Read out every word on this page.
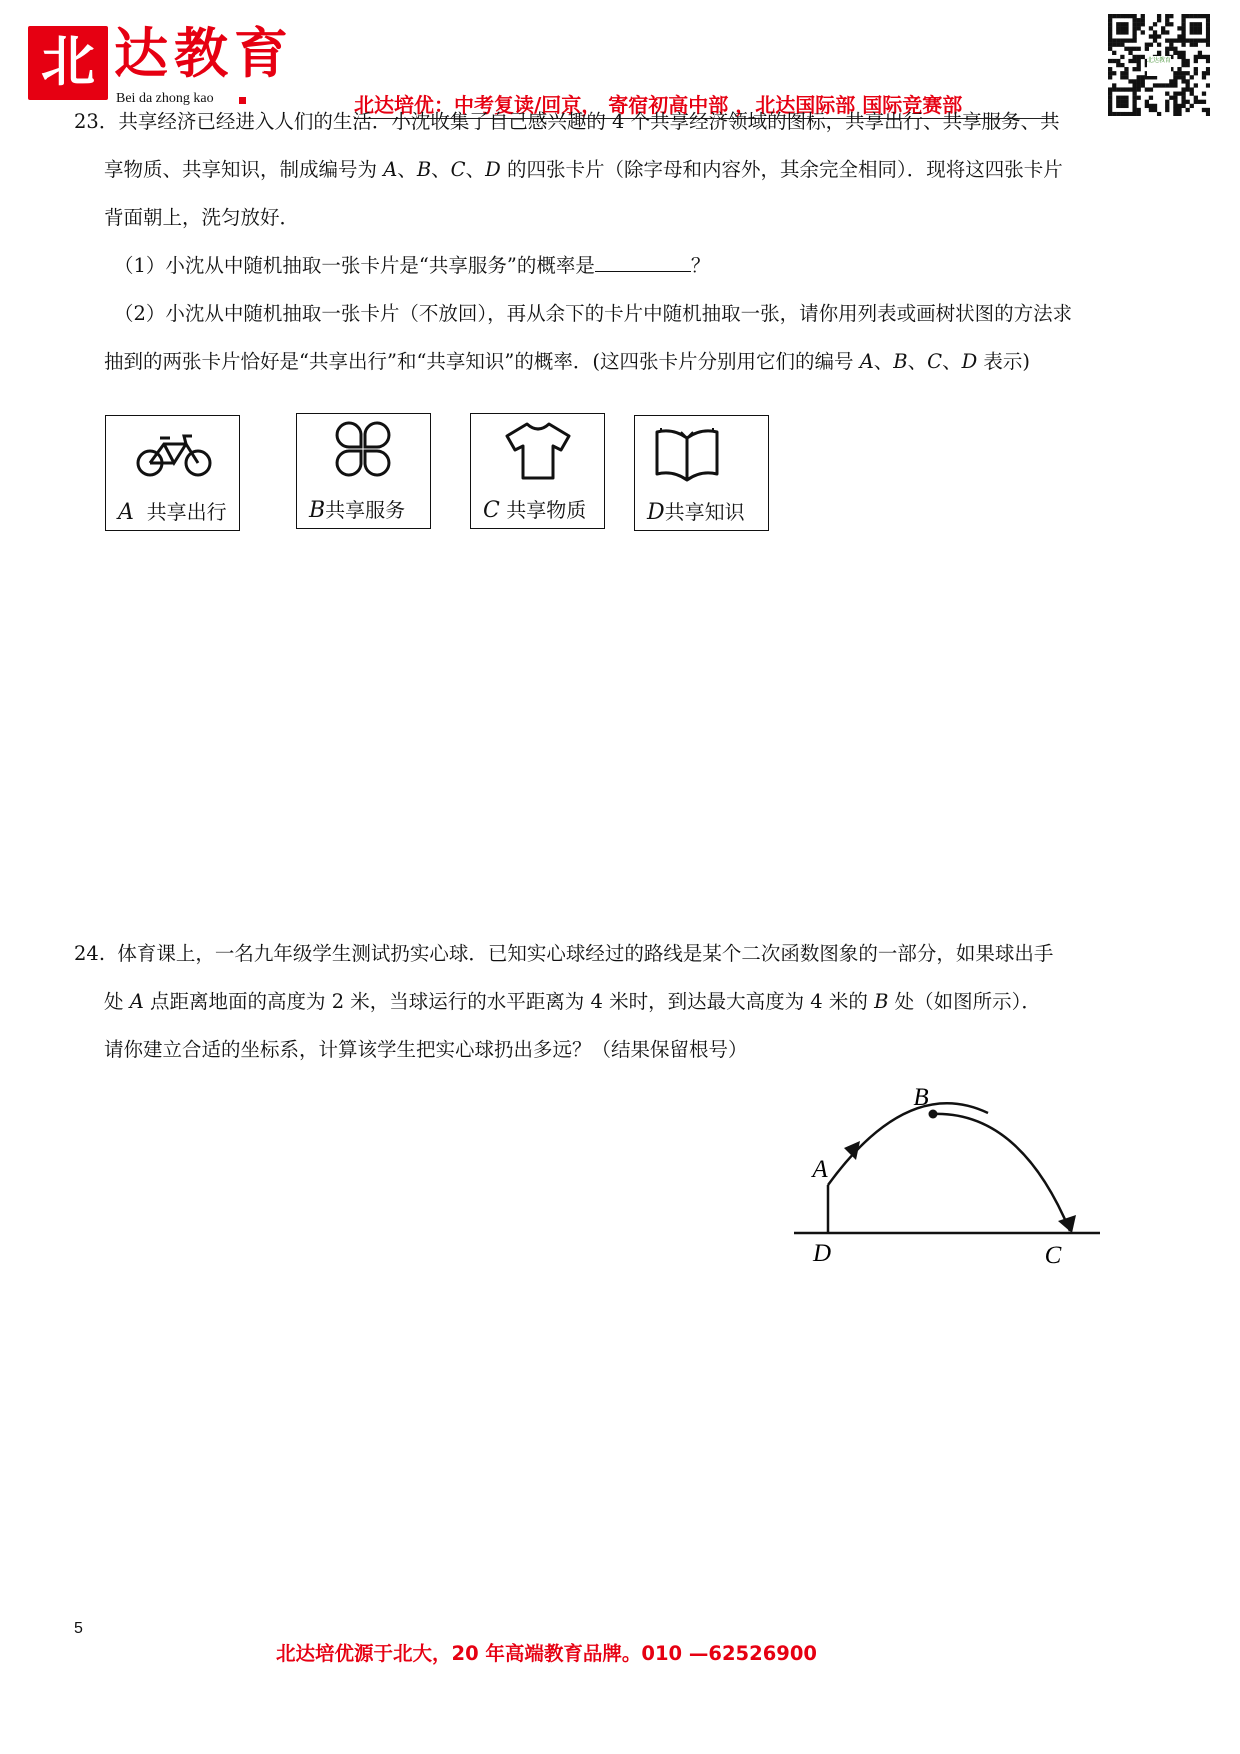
北 达教育
Bei da zhong kao	北达培优：中考复读/回京， 寄宿初高中部 ，北达国际部 国际竞赛部
北达教育
23．共享经济已经进入人们的生活．小沈收集了自己感兴趣的 4 个共享经济领域的图标，共享出行、共享服务、共
享物质、共享知识，制成编号为 A、B、C、D 的四张卡片（除字母和内容外，其余完全相同）．现将这四张卡片
背面朝上，洗匀放好．
（1）小沈从中随机抽取一张卡片是“共享服务”的概率是	？
（2）小沈从中随机抽取一张卡片（不放回），再从余下的卡片中随机抽取一张，请你用列表或画树状图的方法求
抽到的两张卡片恰好是“共享出行”和“共享知识”的概率．(这四张卡片分别用它们的编号 A、B、C、D 表示)
A 共享出行	B共享服务	C 共享物质	D共享知识
24. 体育课上，一名九年级学生测试扔实心球．已知实心球经过的路线是某个二次函数图象的一部分，如果球出手
处 A 点距离地面的高度为 2 米，当球运行的水平距离为 4 米时，到达最大高度为 4 米的 B 处（如图所示）．
请你建立合适的坐标系，计算该学生把实心球扔出多远？（结果保留根号）
A
B
C
D
5
北达培优源于北大，20 年高端教育品牌。010 —62526900
